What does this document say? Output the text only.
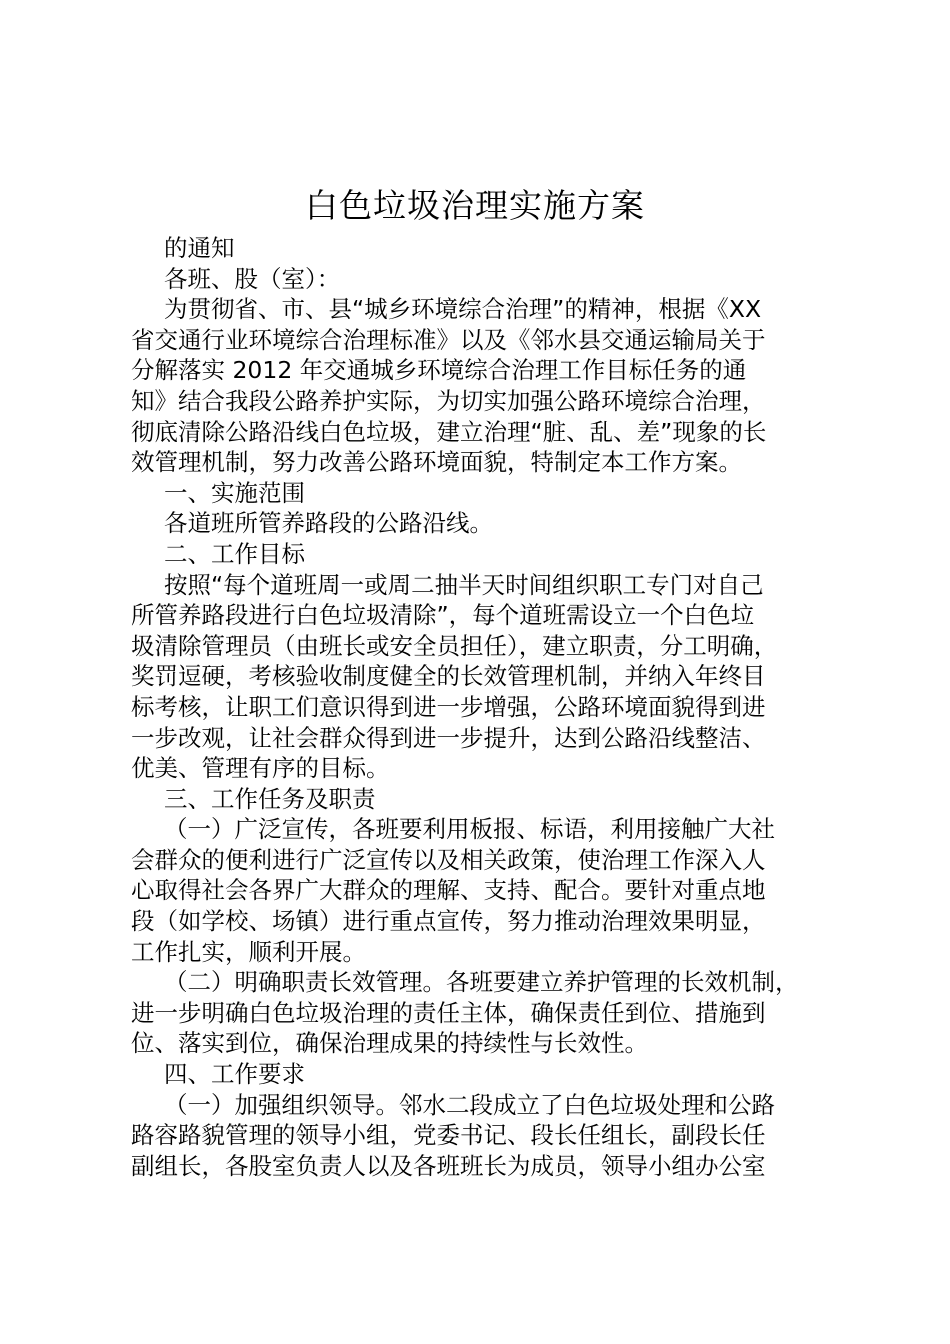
白色垃圾治理实施方案
的通知
各班、股（室）：
为贯彻省、市、县“城乡环境综合治理”的精神，根据《XX
省交通行业环境综合治理标准》以及《邻水县交通运输局关于
分解落实 2012 年交通城乡环境综合治理工作目标任务的通
知》结合我段公路养护实际，为切实加强公路环境综合治理，
彻底清除公路沿线白色垃圾，建立治理“脏、乱、差”现象的长
效管理机制，努力改善公路环境面貌，特制定本工作方案。
一、实施范围
各道班所管养路段的公路沿线。
二、工作目标
按照“每个道班周一或周二抽半天时间组织职工专门对自己
所管养路段进行白色垃圾清除”，每个道班需设立一个白色垃
圾清除管理员（由班长或安全员担任），建立职责，分工明确，
奖罚逗硬，考核验收制度健全的长效管理机制，并纳入年终目
标考核，让职工们意识得到进一步增强，公路环境面貌得到进
一步改观，让社会群众得到进一步提升，达到公路沿线整洁、
优美、管理有序的目标。
三、工作任务及职责
（一）广泛宣传，各班要利用板报、标语，利用接触广大社
会群众的便利进行广泛宣传以及相关政策，使治理工作深入人
心取得社会各界广大群众的理解、支持、配合。要针对重点地
段（如学校、场镇）进行重点宣传，努力推动治理效果明显，
工作扎实，顺利开展。
（二）明确职责长效管理。各班要建立养护管理的长效机制，
进一步明确白色垃圾治理的责任主体，确保责任到位、措施到
位、落实到位，确保治理成果的持续性与长效性。
四、工作要求
（一）加强组织领导。邻水二段成立了白色垃圾处理和公路
路容路貌管理的领导小组，党委书记、段长任组长，副段长任
副组长，各股室负责人以及各班班长为成员，领导小组办公室
